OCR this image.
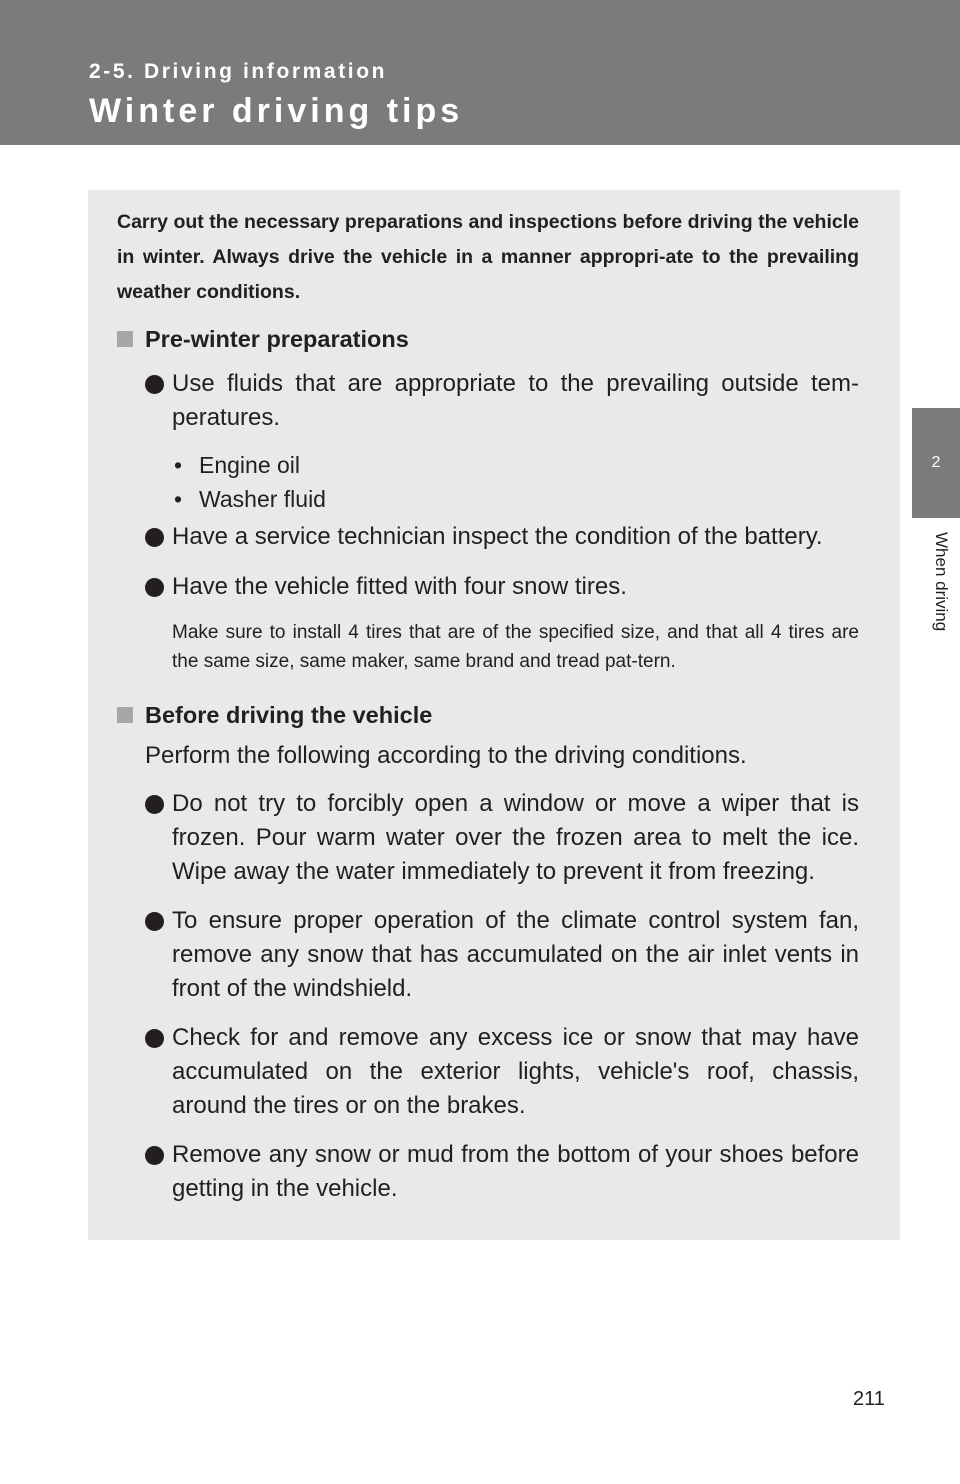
2-5. Driving information
Winter driving tips
2
When driving

Carry out the necessary preparations and inspections before driving the vehicle in winter. Always drive the vehicle in a manner appropri-ate to the prevailing weather conditions.

Pre-winter preparations
Use fluids that are appropriate to the prevailing outside tem-peratures.
• Engine oil
• Washer fluid
Have a service technician inspect the condition of the battery.
Have the vehicle fitted with four snow tires.
Make sure to install 4 tires that are of the specified size, and that all 4 tires are the same size, same maker, same brand and tread pat-tern.
Before driving the vehicle
Perform the following according to the driving conditions.
Do not try to forcibly open a window or move a wiper that is frozen. Pour warm water over the frozen area to melt the ice. Wipe away the water immediately to prevent it from freezing.
To ensure proper operation of the climate control system fan, remove any snow that has accumulated on the air inlet vents in front of the windshield.
Check for and remove any excess ice or snow that may have accumulated on the exterior lights, vehicle's roof, chassis, around the tires or on the brakes.
Remove any snow or mud from the bottom of your shoes before getting in the vehicle.
211
